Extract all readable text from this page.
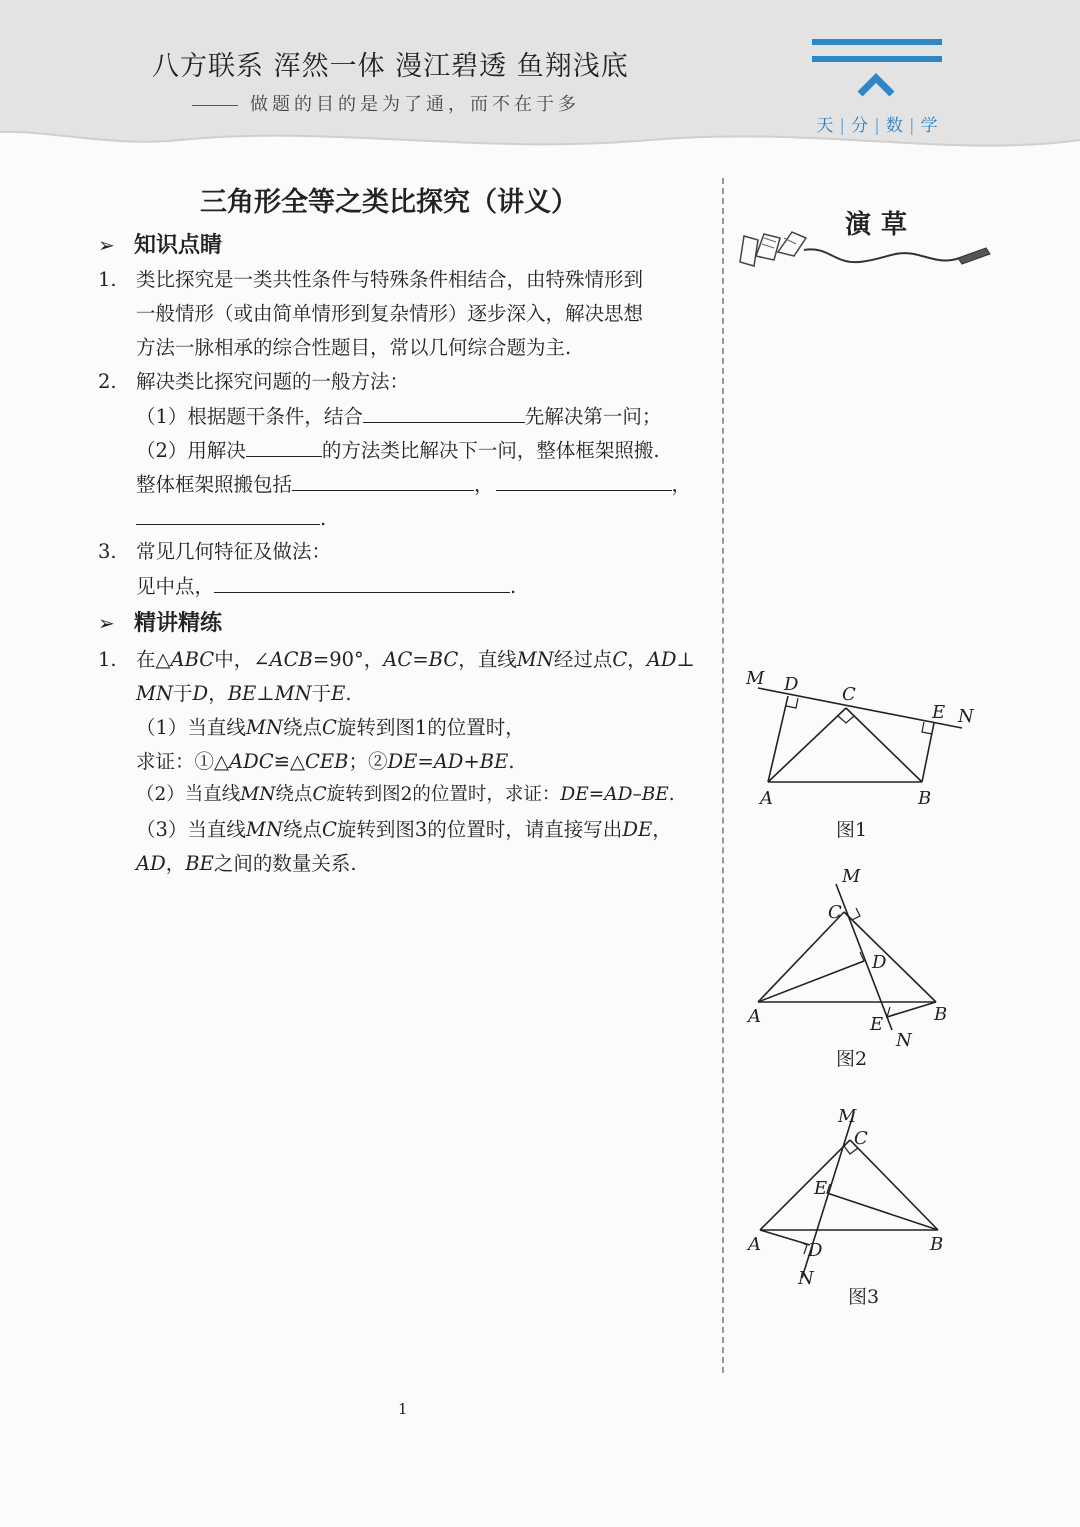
八方联系 浑然一体 漫江碧透 鱼翔浅底
做题的目的是为了通，而不在于多
天 | 分 | 数 | 学
三角形全等之类比探究（讲义）
➢ 知识点睛
1. 类比探究是一类共性条件与特殊条件相结合，由特殊情形到
一般情形（或由简单情形到复杂情形）逐步深入，解决思想
方法一脉相承的综合性题目，常以几何综合题为主.
2. 解决类比探究问题的一般方法：
（1）根据题干条件，结合	先解决第一问；
（2）用解决	的方法类比解决下一问，整体框架照搬.
整体框架照搬包括	，	，
.
3. 常见几何特征及做法：
见中点，	.
➢ 精讲精练
1. 在△ABC中，∠ACB=90°，AC=BC，直线MN经过点C，AD⊥
MN于D，BE⊥MN于E.
（1）当直线MN绕点C旋转到图1的位置时，
求证：①△ADC≌△CEB；②DE=AD+BE.
（2）当直线MN绕点C旋转到图2的位置时，求证：DE=AD–BE.
（3）当直线MN绕点C旋转到图3的位置时，请直接写出DE，
AD，BE之间的数量关系.
演草
M D C
E N
A	B
图1
M
C
D
A	E	B
N
图2
M
C
E
A	B
D
N
图3
1
